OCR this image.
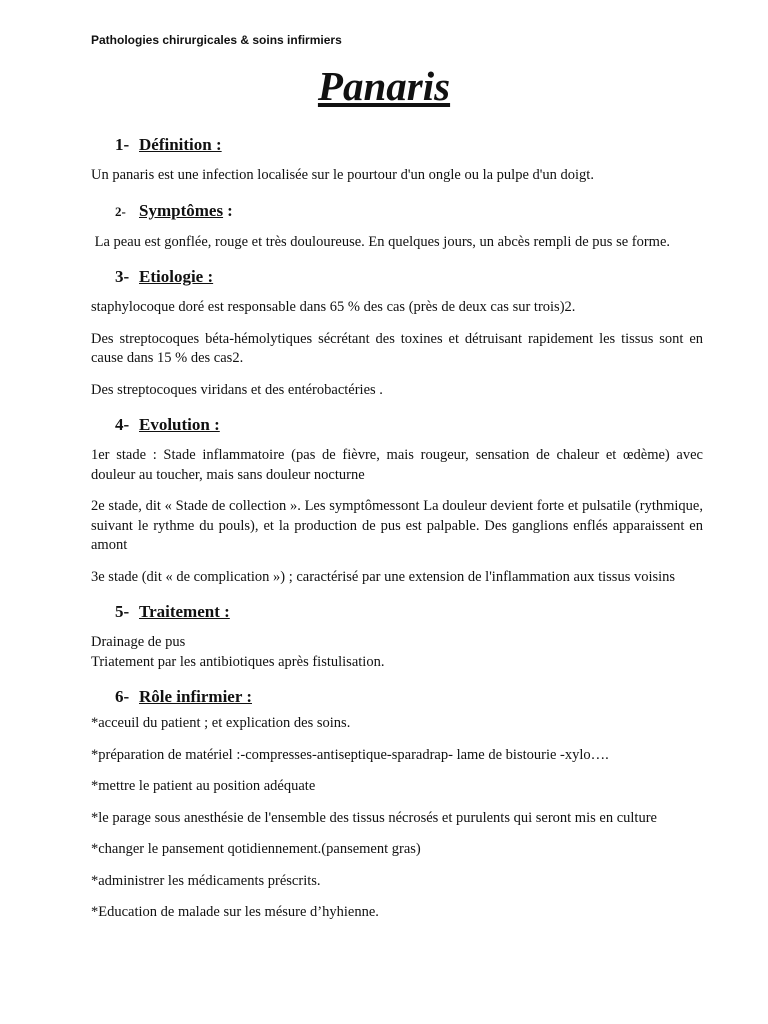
Pathologies chirurgicales & soins infirmiers
Panaris
1- Définition :

Un panaris est une infection localisée sur le pourtour d'un ongle ou la pulpe d'un doigt.

2- Symptômes :

La peau est gonflée, rouge et très douloureuse. En quelques jours, un abcès rempli de pus se forme.

3- Etiologie :

staphylocoque doré est responsable dans 65 % des cas (près de deux cas sur trois)2.

Des streptocoques béta-hémolytiques sécrétant des toxines et détruisant rapidement les tissus sont en cause dans 15 % des cas2.

Des streptocoques viridans et des entérobactéries .

4- Evolution :

1er stade : Stade inflammatoire (pas de fièvre, mais rougeur, sensation de chaleur et œdème) avec douleur au toucher, mais sans douleur nocturne

2e stade, dit « Stade de collection ». Les symptômessont La douleur devient forte et pulsatile (rythmique, suivant le rythme du pouls), et la production de pus est palpable. Des ganglions enflés apparaissent en amont

3e stade (dit « de complication ») ; caractérisé par une extension de l'inflammation aux tissus voisins

5- Traitement :

Drainage de pus

Triatement par les antibiotiques après fistulisation.

6- Rôle infirmier :

*acceuil du patient ; et explication des soins.

*préparation de matériel :-compresses-antiseptique-sparadrap- lame de bistourie -xylo….

*mettre le patient au position adéquate

*le parage sous anesthésie de l'ensemble des tissus nécrosés et purulents qui seront mis en culture

*changer le pansement qotidiennement.(pansement gras)

*administrer les médicaments préscrits.

*Education de malade sur les mésure d’hyhienne.
